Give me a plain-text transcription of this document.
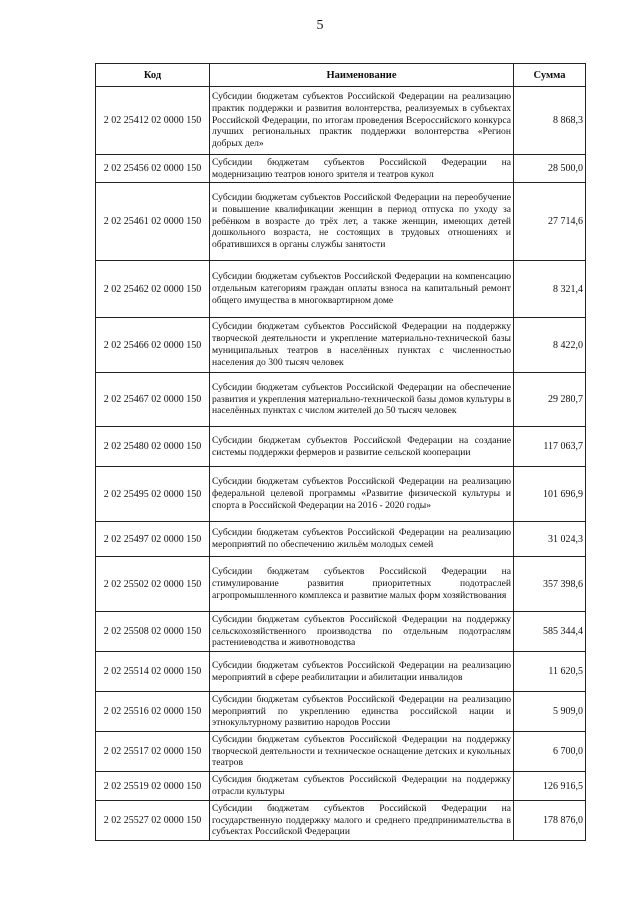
5
Код	Наименование	Сумма
2 02 25412 02 0000 150	Субсидии бюджетам субъектов Российской Федерации на реализацию практик поддержки и развития волонтерства, реализуемых в субъектах Российской Федерации, по итогам проведения Всероссийского конкурса лучших региональных практик поддержки волонтерства «Регион добрых дел»	8 868,3
2 02 25456 02 0000 150	Субсидии бюджетам субъектов Российской Федерации на модернизацию театров юного зрителя и театров кукол	28 500,0
2 02 25461 02 0000 150	Субсидии бюджетам субъектов Российской Федерации на переобучение и повышение квалификации женщин в период отпуска по уходу за ребёнком в возрасте до трёх лет, а также женщин, имеющих детей дошкольного возраста, не состоящих в трудовых отношениях и обратившихся в органы службы занятости	27 714,6
2 02 25462 02 0000 150	Субсидии бюджетам субъектов Российской Федерации на компенсацию отдельным категориям граждан оплаты взноса на капитальный ремонт общего имущества в многоквартирном доме	8 321,4
2 02 25466 02 0000 150	Субсидии бюджетам субъектов Российской Федерации на поддержку творческой деятельности и укрепление материально-технической базы муниципальных театров в населённых пунктах с численностью населения до 300 тысяч человек	8 422,0
2 02 25467 02 0000 150	Субсидии бюджетам субъектов Российской Федерации на обеспечение развития и укрепления материально-технической базы домов культуры в населённых пунктах с числом жителей до 50 тысяч человек	29 280,7
2 02 25480 02 0000 150	Субсидии бюджетам субъектов Российской Федерации на создание системы поддержки фермеров и развитие сельской кооперации	117 063,7
2 02 25495 02 0000 150	Субсидии бюджетам субъектов Российской Федерации на реализацию федеральной целевой программы «Развитие физической культуры и спорта в Российской Федерации на 2016 - 2020 годы»	101 696,9
2 02 25497 02 0000 150	Субсидии бюджетам субъектов Российской Федерации на реализацию мероприятий по обеспечению жильём молодых семей	31 024,3
2 02 25502 02 0000 150	Субсидии бюджетам субъектов Российской Федерации на стимулирование развития приоритетных подотраслей агропромышленного комплекса и развитие малых форм хозяйствования	357 398,6
2 02 25508 02 0000 150	Субсидии бюджетам субъектов Российской Федерации на поддержку сельскохозяйственного производства по отдельным подотраслям растениеводства и животноводства	585 344,4
2 02 25514 02 0000 150	Субсидии бюджетам субъектов Российской Федерации на реализацию мероприятий в сфере реабилитации и абилитации инвалидов	11 620,5
2 02 25516 02 0000 150	Субсидии бюджетам субъектов Российской Федерации на реализацию мероприятий по укреплению единства российской нации и этнокультурному развитию народов России	5 909,0
2 02 25517 02 0000 150	Субсидии бюджетам субъектов Российской Федерации на поддержку творческой деятельности и техническое оснащение детских и кукольных театров	6 700,0
2 02 25519 02 0000 150	Субсидия бюджетам субъектов Российской Федерации на поддержку отрасли культуры	126 916,5
2 02 25527 02 0000 150	Субсидии бюджетам субъектов Российской Федерации на государственную поддержку малого и среднего предпринимательства в субъектах Российской Федерации	178 876,0
